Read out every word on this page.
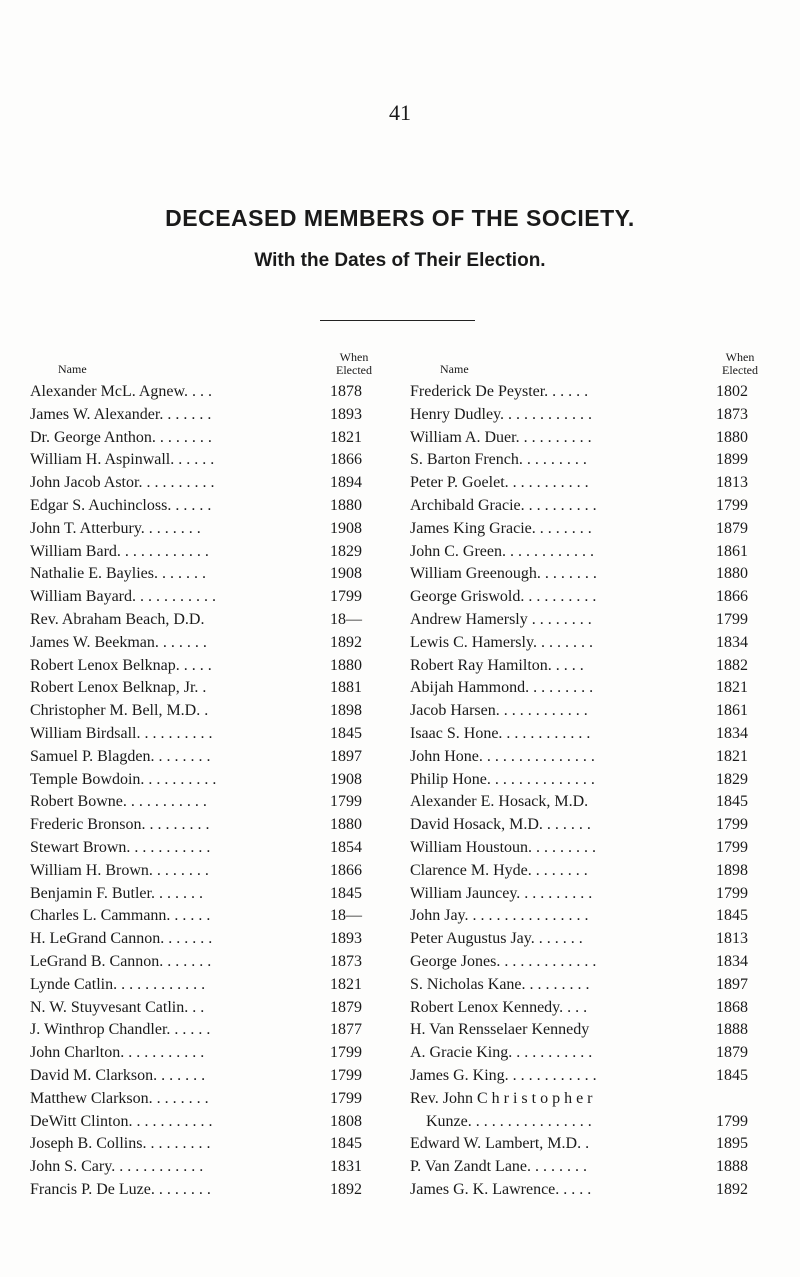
41
DECEASED MEMBERS OF THE SOCIETY.
With the Dates of Their Election.
Name
When
Elected
Alexander McL. Agnew. . . .	1878
James W. Alexander. . . . . . .	1893
Dr. George Anthon. . . . . . . .	1821
William H. Aspinwall. . . . . .	1866
John Jacob Astor. . . . . . . . . .	1894
Edgar S. Auchincloss. . . . . .	1880
John T. Atterbury. . . . . . . .	1908
William Bard. . . . . . . . . . . .	1829
Nathalie E. Baylies. . . . . . .	1908
William Bayard. . . . . . . . . . .	1799
Rev. Abraham Beach, D.D.	18—
James W. Beekman. . . . . . .	1892
Robert Lenox Belknap. . . . .	1880
Robert Lenox Belknap, Jr. .	1881
Christopher M. Bell, M.D. .	1898
William Birdsall. . . . . . . . . .	1845
Samuel P. Blagden. . . . . . . .	1897
Temple Bowdoin. . . . . . . . . .	1908
Robert Bowne. . . . . . . . . . .	1799
Frederic Bronson. . . . . . . . .	1880
Stewart Brown. . . . . . . . . . .	1854
William H. Brown. . . . . . . .	1866
Benjamin F. Butler. . . . . . .	1845
Charles L. Cammann. . . . . .	18—
H. LeGrand Cannon. . . . . . .	1893
LeGrand B. Cannon. . . . . . .	1873
Lynde Catlin. . . . . . . . . . . .	1821
N. W. Stuyvesant Catlin. . .	1879
J. Winthrop Chandler. . . . . .	1877
John Charlton. . . . . . . . . . .	1799
David M. Clarkson. . . . . . .	1799
Matthew Clarkson. . . . . . . .	1799
DeWitt Clinton. . . . . . . . . . .	1808
Joseph B. Collins. . . . . . . . .	1845
John S. Cary. . . . . . . . . . . .	1831
Francis P. De Luze. . . . . . . .	1892
Name
When
Elected
Frederick De Peyster. . . . . .	1802
Henry Dudley. . . . . . . . . . . .	1873
William A. Duer. . . . . . . . . .	1880
S. Barton French. . . . . . . . .	1899
Peter P. Goelet. . . . . . . . . . .	1813
Archibald Gracie. . . . . . . . . .	1799
James King Gracie. . . . . . . .	1879
John C. Green. . . . . . . . . . . .	1861
William Greenough. . . . . . . .	1880
George Griswold. . . . . . . . . .	1866
Andrew Hamersly . . . . . . . .	1799
Lewis C. Hamersly. . . . . . . .	1834
Robert Ray Hamilton. . . . .	1882
Abijah Hammond. . . . . . . . .	1821
Jacob Harsen. . . . . . . . . . . .	1861
Isaac S. Hone. . . . . . . . . . . .	1834
John Hone. . . . . . . . . . . . . . .	1821
Philip Hone. . . . . . . . . . . . . .	1829
Alexander E. Hosack, M.D.	1845
David Hosack, M.D. . . . . . .	1799
William Houstoun. . . . . . . . .	1799
Clarence M. Hyde. . . . . . . .	1898
William Jauncey. . . . . . . . . .	1799
John Jay. . . . . . . . . . . . . . . .	1845
Peter Augustus Jay. . . . . . .	1813
George Jones. . . . . . . . . . . . .	1834
S. Nicholas Kane. . . . . . . . .	1897
Robert Lenox Kennedy. . . .	1868
H. Van Rensselaer Kennedy	1888
A. Gracie King. . . . . . . . . . .	1879
James G. King. . . . . . . . . . . .	1845
Rev. John C h r i s t o p h e r
Kunze. . . . . . . . . . . . . . . .	1799
Edward W. Lambert, M.D. .	1895
P. Van Zandt Lane. . . . . . . .	1888
James G. K. Lawrence. . . . .	1892
